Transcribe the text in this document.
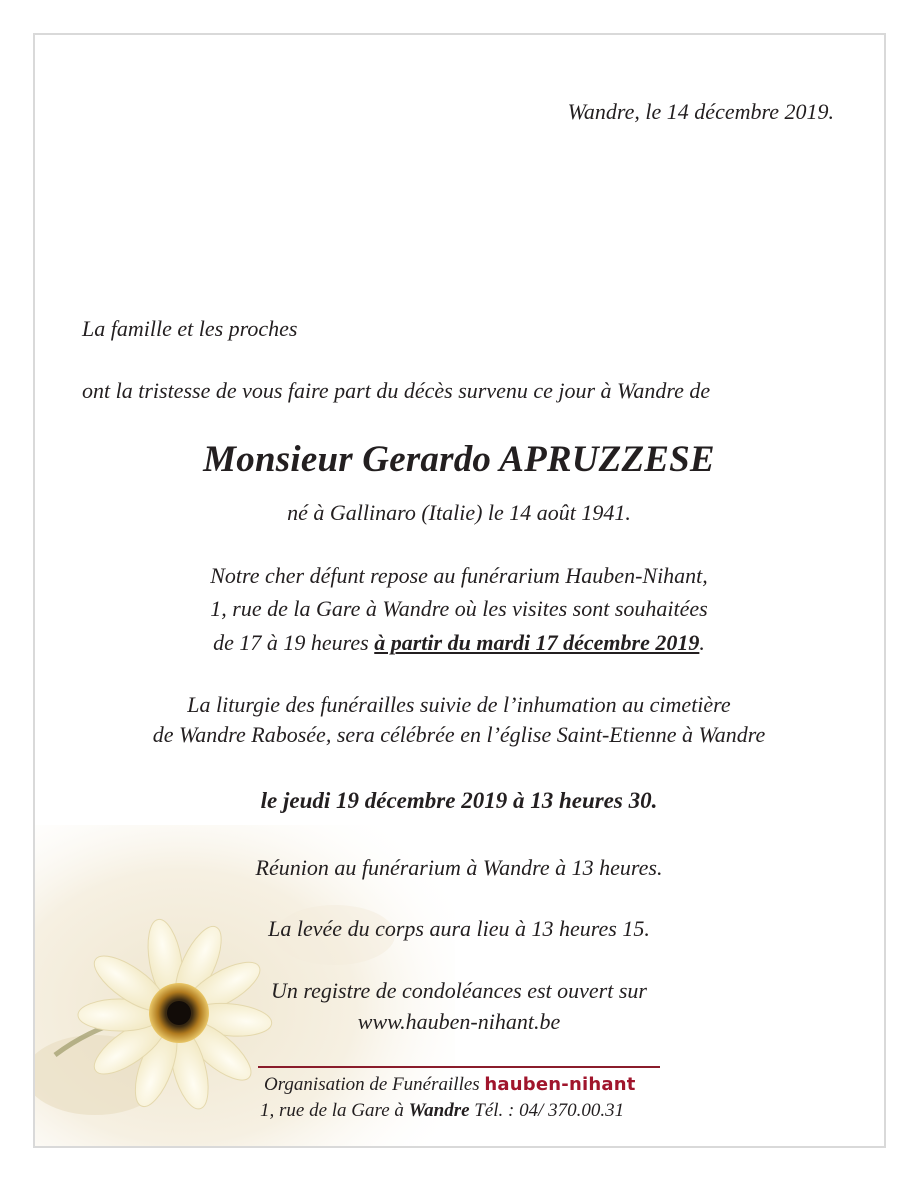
Wandre, le 14 décembre 2019.
La famille et les proches
ont la tristesse de vous faire part du décès survenu ce jour à Wandre de
Monsieur Gerardo APRUZZESE
né à Gallinaro (Italie) le 14 août 1941.
Notre cher défunt repose au funérarium Hauben-Nihant,
1, rue de la Gare à Wandre où les visites sont souhaitées
de 17 à 19 heures à partir du mardi 17 décembre 2019.
La liturgie des funérailles suivie de l’inhumation au cimetière
de Wandre Rabosée, sera célébrée en l’église Saint-Etienne à Wandre
le jeudi 19 décembre 2019 à 13 heures 30.
Réunion au funérarium à Wandre à 13 heures.
La levée du corps aura lieu à 13 heures 15.
Un registre de condoléances est ouvert sur
www.hauben-nihant.be
Organisation de Funérailles hauben-nihant
1, rue de la Gare à Wandre Tél. : 04/ 370.00.31
